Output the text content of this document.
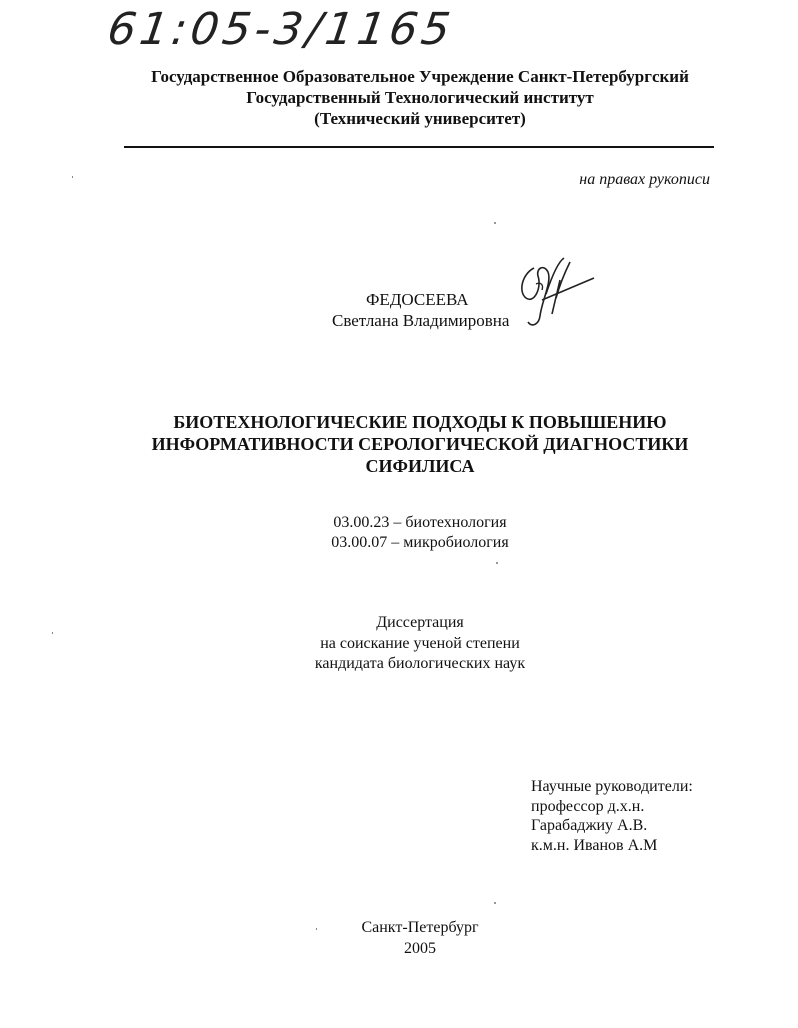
61:05-3/1165
Государственное Образовательное Учреждение Санкт-Петербургский
Государственный Технологический институт
(Технический университет)
на правах рукописи
ФЕДОСЕЕВА
Светлана Владимировна
БИОТЕХНОЛОГИЧЕСКИЕ ПОДХОДЫ К ПОВЫШЕНИЮ
ИНФОРМАТИВНОСТИ СЕРОЛОГИЧЕСКОЙ ДИАГНОСТИКИ
СИФИЛИСА
03.00.23 – биотехнология
03.00.07 – микробиология
Диссертация
на соискание ученой степени
кандидата биологических наук
Научные руководители:
профессор д.х.н.
Гарабаджиу А.В.
к.м.н. Иванов А.М
Санкт-Петербург
2005
